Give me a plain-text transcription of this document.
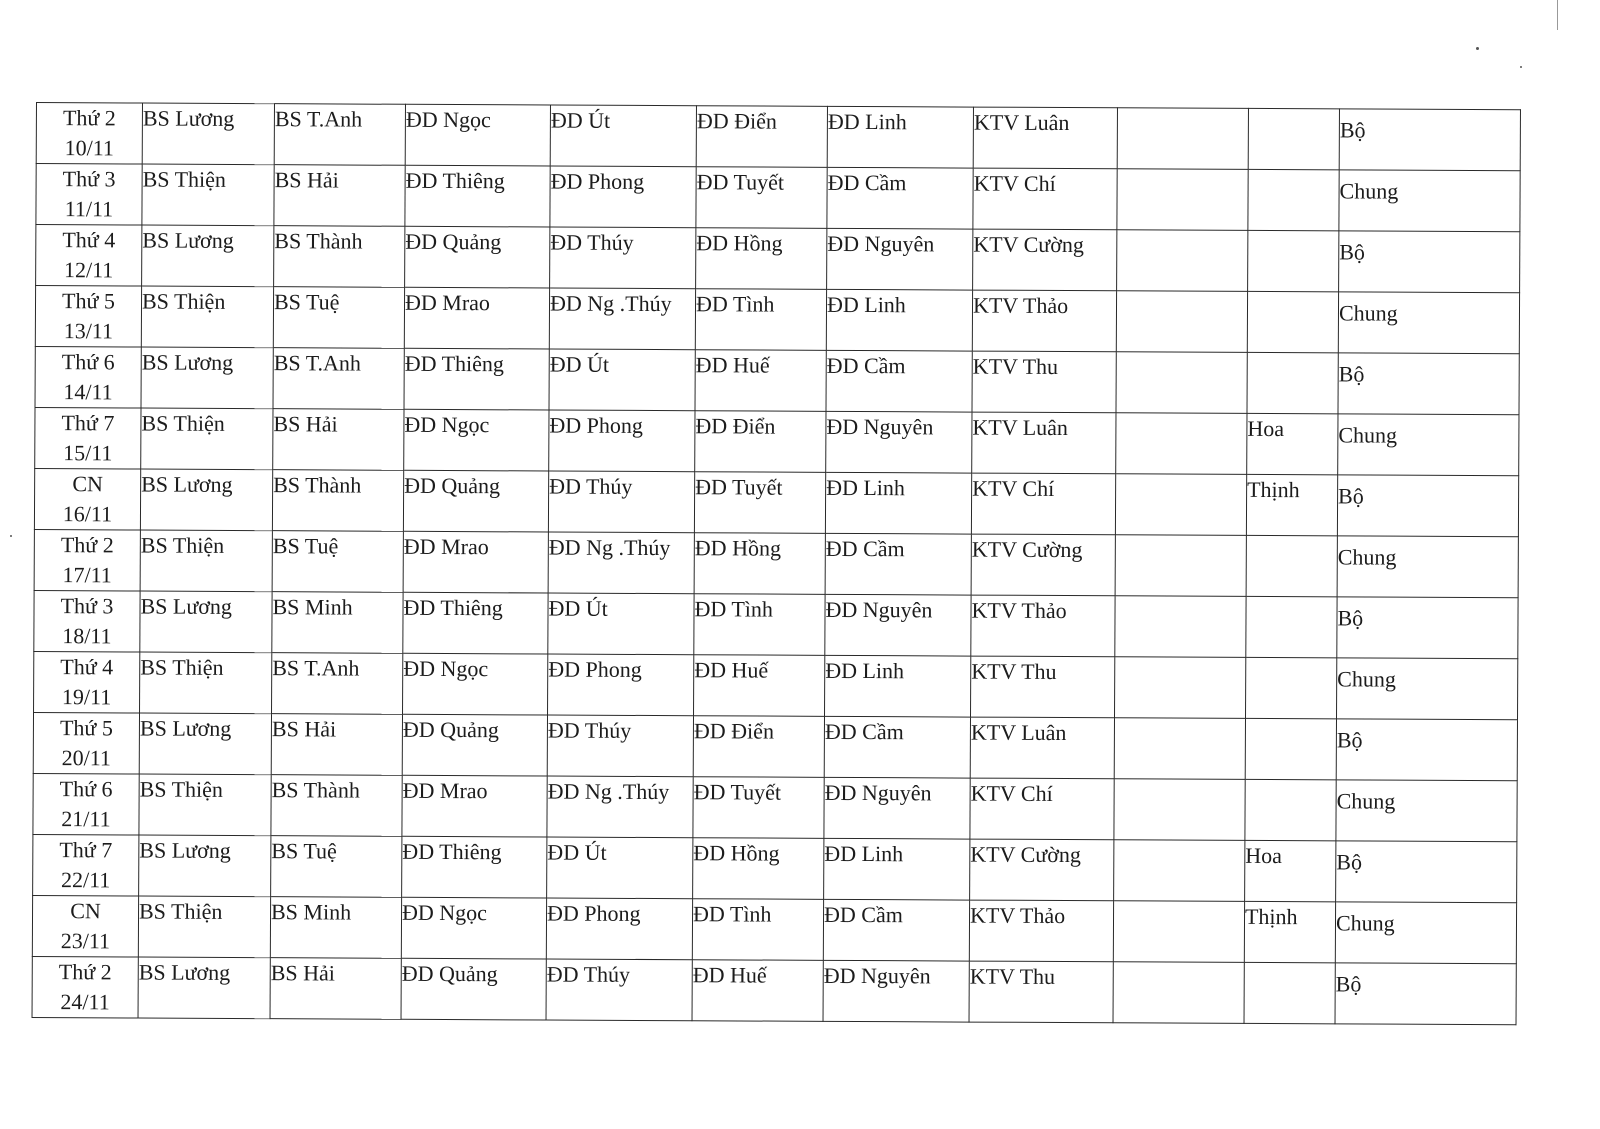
Thứ 2
10/11	BS Lương	BS T.Anh	ĐD Ngọc	ĐD Út	ĐD Điển	ĐD Linh	KTV Luân			Bộ

Thứ 3
11/11	BS Thiện	BS Hải	ĐD Thiêng	ĐD Phong	ĐD Tuyết	ĐD Cầm	KTV Chí			Chung

Thứ 4
12/11	BS Lương	BS Thành	ĐD Quảng	ĐD Thúy	ĐD Hồng	ĐD Nguyên	KTV Cường			Bộ

Thứ 5
13/11	BS Thiện	BS Tuệ	ĐD Mrao	ĐD Ng .Thúy	ĐD Tình	ĐD Linh	KTV Thảo			Chung

Thứ 6
14/11	BS Lương	BS T.Anh	ĐD Thiêng	ĐD Út	ĐD Huế	ĐD Cầm	KTV Thu			Bộ

Thứ 7
15/11	BS Thiện	BS Hải	ĐD Ngọc	ĐD Phong	ĐD Điển	ĐD Nguyên	KTV Luân		Hoa	Chung

CN
16/11	BS Lương	BS Thành	ĐD Quảng	ĐD Thúy	ĐD Tuyết	ĐD Linh	KTV Chí		Thịnh	Bộ

Thứ 2
17/11	BS Thiện	BS Tuệ	ĐD Mrao	ĐD Ng .Thúy	ĐD Hồng	ĐD Cầm	KTV Cường			Chung

Thứ 3
18/11	BS Lương	BS Minh	ĐD Thiêng	ĐD Út	ĐD Tình	ĐD Nguyên	KTV Thảo			Bộ

Thứ 4
19/11	BS Thiện	BS T.Anh	ĐD Ngọc	ĐD Phong	ĐD Huế	ĐD Linh	KTV Thu			Chung

Thứ 5
20/11	BS Lương	BS Hải	ĐD Quảng	ĐD Thúy	ĐD Điển	ĐD Cầm	KTV Luân			Bộ

Thứ 6
21/11	BS Thiện	BS Thành	ĐD Mrao	ĐD Ng .Thúy	ĐD Tuyết	ĐD Nguyên	KTV Chí			Chung

Thứ 7
22/11	BS Lương	BS Tuệ	ĐD Thiêng	ĐD Út	ĐD Hồng	ĐD Linh	KTV Cường		Hoa	Bộ

CN
23/11	BS Thiện	BS Minh	ĐD Ngọc	ĐD Phong	ĐD Tình	ĐD Cầm	KTV Thảo		Thịnh	Chung

Thứ 2
24/11	BS Lương	BS Hải	ĐD Quảng	ĐD Thúy	ĐD Huế	ĐD Nguyên	KTV Thu			Bộ
